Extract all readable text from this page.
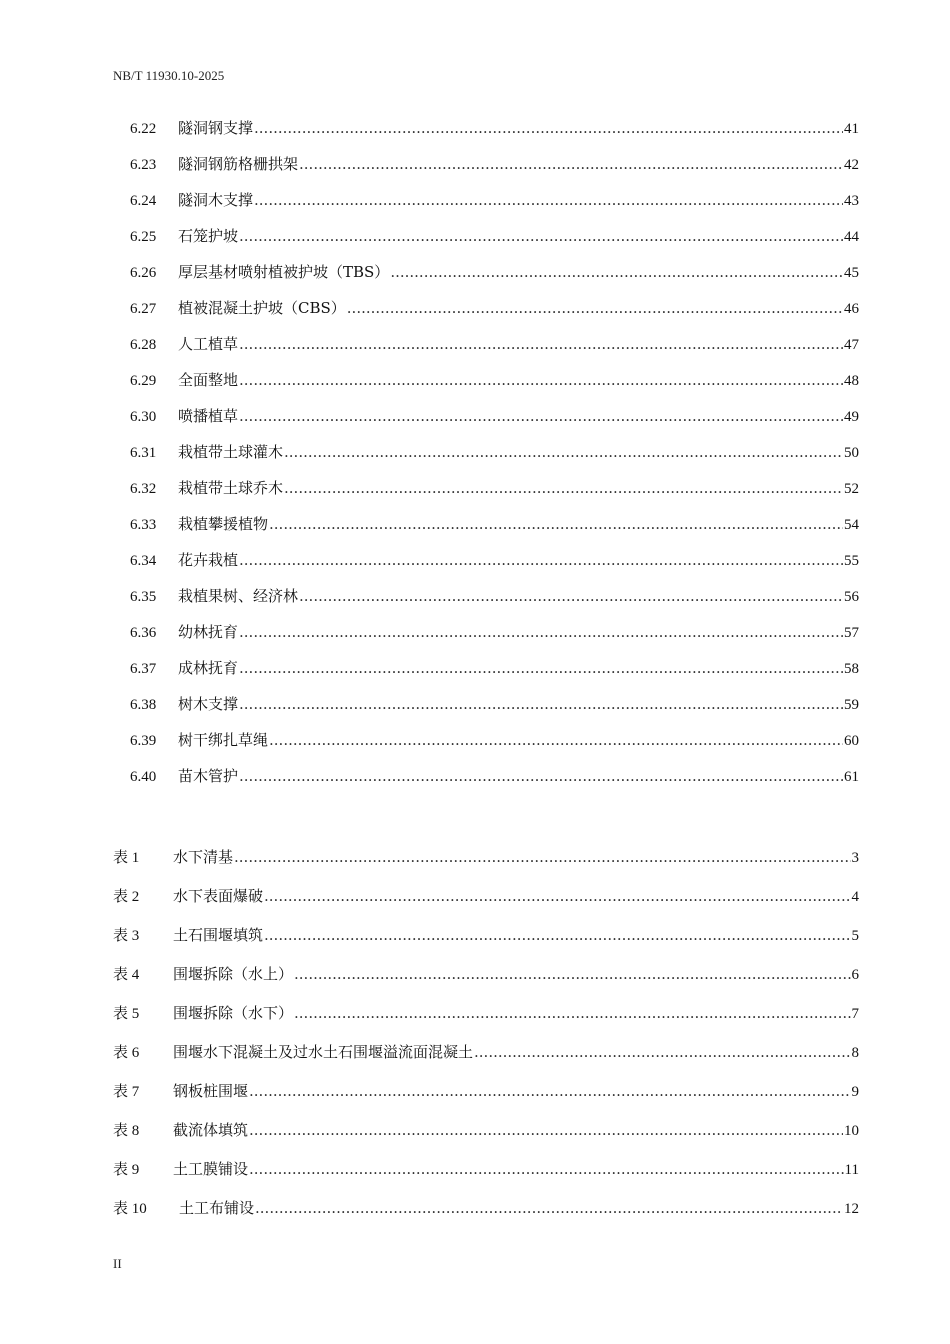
NB/T 11930.10-2025
6.22	隧洞钢支撑 .....	41
6.23	隧洞钢筋格栅拱架 .....	42
6.24	隧洞木支撑 .....	43
6.25	石笼护坡 .....	44
6.26	厚层基材喷射植被护坡（TBS） .....	45
6.27	植被混凝土护坡（CBS） .....	46
6.28	人工植草 .....	47
6.29	全面整地 .....	48
6.30	喷播植草 .....	49
6.31	栽植带土球灌木 .....	50
6.32	栽植带土球乔木 .....	52
6.33	栽植攀援植物 .....	54
6.34	花卉栽植 .....	55
6.35	栽植果树、经济林 .....	56
6.36	幼林抚育 .....	57
6.37	成林抚育 .....	58
6.38	树木支撑 .....	59
6.39	树干绑扎草绳 .....	60
6.40	苗木管护 .....	61
表 1	水下清基 .....	3
表 2	水下表面爆破 .....	4
表 3	土石围堰填筑 .....	5
表 4	围堰拆除（水上） .....	6
表 5	围堰拆除（水下） .....	7
表 6	围堰水下混凝土及过水土石围堰溢流面混凝土 .....	8
表 7	钢板桩围堰 .....	9
表 8	截流体填筑 .....	10
表 9	土工膜铺设 .....	11
表 10	土工布铺设 .....	12
II
